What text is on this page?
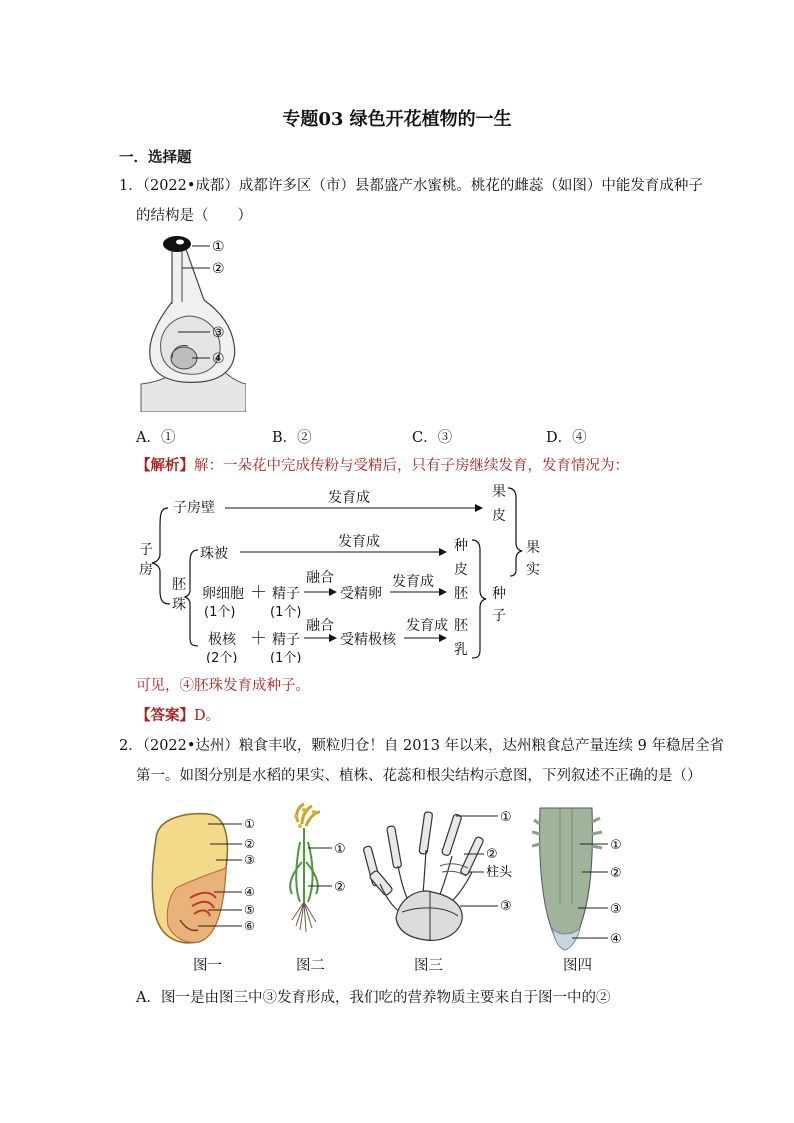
专题03 绿色开花植物的一生
一．选择题
1．（2022•成都）成都许多区（市）县都盛产水蜜桃。桃花的雌蕊（如图）中能发育成种子
的结构是（　　）
①
②
③
④
A．①	B．②	C．③	D．④
【解析】解：一朵花中完成传粉与受精后，只有子房继续发育，发育情况为：
子
房
子房壁
发育成	果
皮
胚
珠
珠被
发育成	种
皮
卵细胞
(1个)
＋ 精子
(1个)
融合
受精卵
发育成
胚
极核
(2个)
＋ 精子
(1个)
融合
受精极核
发育成 胚
乳
果
实
种
子
可见，④胚珠发育成种子。
【答案】D。
2．（2022•达州）粮食丰收，颗粒归仓！自 2013 年以来，达州粮食总产量连续 9 年稳居全省
第一。如图分别是水稻的果实、植株、花蕊和根尖结构示意图，下列叙述不正确的是（）
①
②
③
④
⑤
⑥
①
②
①
②
柱头
③
①
②
③
④
图一	图二	图三	图四
A．图一是由图三中③发育形成，我们吃的营养物质主要来自于图一中的②
